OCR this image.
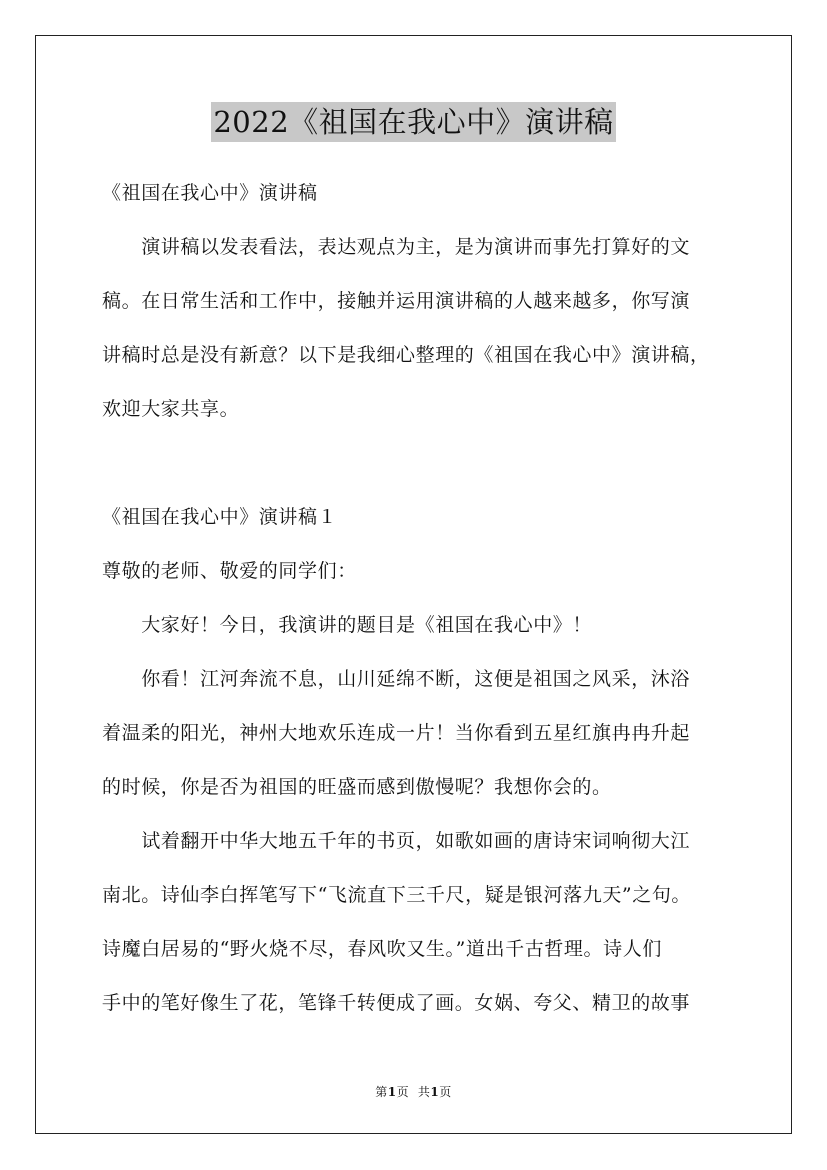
2022《祖国在我心中》演讲稿
《祖国在我心中》演讲稿
　　演讲稿以发表看法，表达观点为主，是为演讲而事先打算好的文
稿。在日常生活和工作中，接触并运用演讲稿的人越来越多，你写演
讲稿时总是没有新意？以下是我细心整理的《祖国在我心中》演讲稿，
欢迎大家共享。
《祖国在我心中》演讲稿１
尊敬的老师、敬爱的同学们：
　　大家好！今日，我演讲的题目是《祖国在我心中》！
　　你看！江河奔流不息，山川延绵不断，这便是祖国之风采，沐浴
着温柔的阳光，神州大地欢乐连成一片！当你看到五星红旗冉冉升起
的时候，你是否为祖国的旺盛而感到傲慢呢？我想你会的。
　　试着翻开中华大地五千年的书页，如歌如画的唐诗宋词响彻大江
南北。诗仙李白挥笔写下“飞流直下三千尺，疑是银河落九天”之句。
诗魔白居易的“野火烧不尽，春风吹又生。”道出千古哲理。诗人们
手中的笔好像生了花，笔锋千转便成了画。女娲、夸父、精卫的故事
第1页 共1页
